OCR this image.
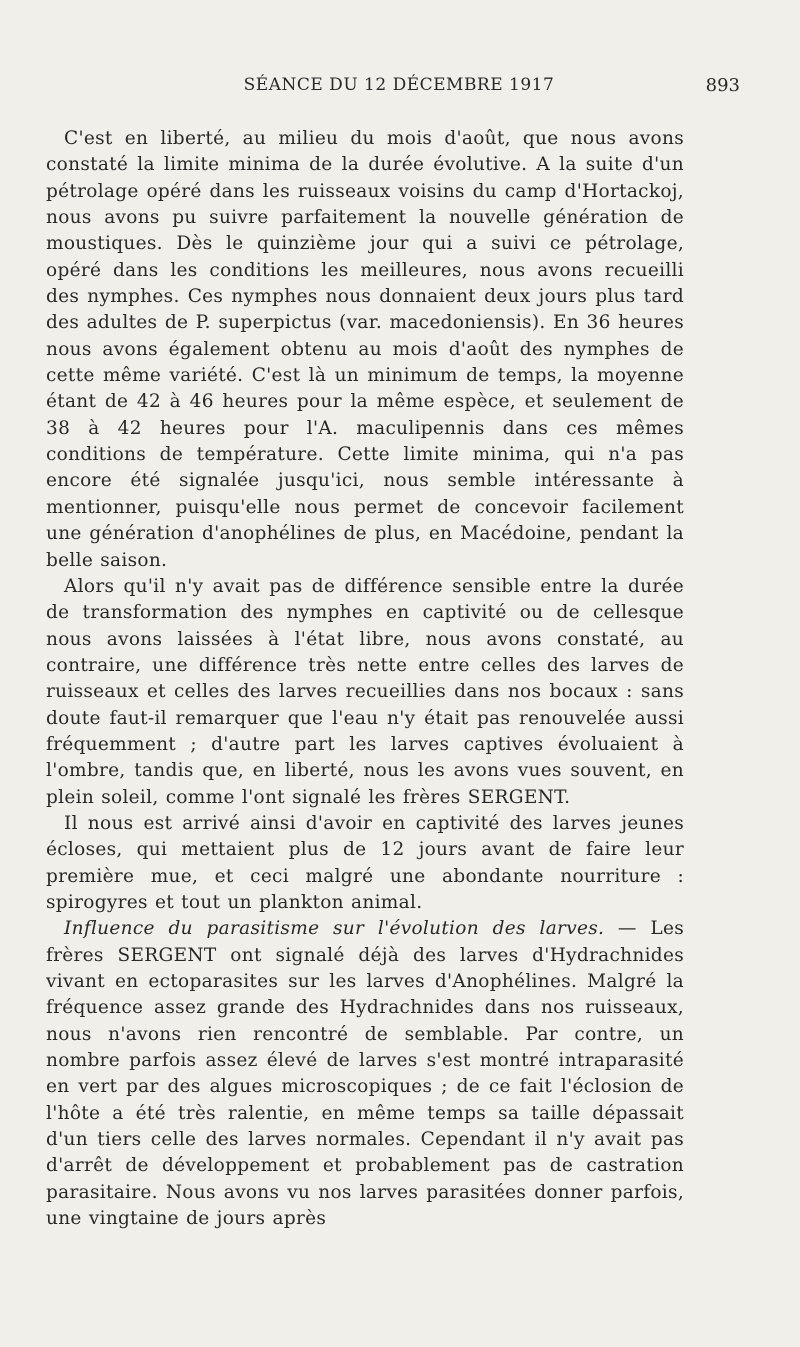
SÉANCE DU 12 DÉCEMBRE 1917	893

C'est en liberté, au milieu du mois d'août, que nous avons constaté la limite minima de la durée évolutive. A la suite d'un pétrolage opéré dans les ruisseaux voisins du camp d'Hortackoj, nous avons pu suivre parfaitement la nouvelle génération de moustiques. Dès le quinzième jour qui a suivi ce pétrolage, opéré dans les conditions les meilleures, nous avons recueilli des nymphes. Ces nymphes nous donnaient deux jours plus tard des adultes de P. superpictus (var. macedoniensis). En 36 heures nous avons également obtenu au mois d'août des nymphes de cette même variété. C'est là un minimum de temps, la moyenne étant de 42 à 46 heures pour la même espèce, et seulement de 38 à 42 heures pour l'A. maculipennis dans ces mêmes conditions de température. Cette limite minima, qui n'a pas encore été signalée jusqu'ici, nous semble intéressante à mentionner, puisqu'elle nous permet de concevoir facilement une génération d'anophélines de plus, en Macédoine, pendant la belle saison.

Alors qu'il n'y avait pas de différence sensible entre la durée de transformation des nymphes en captivité ou de cellesque nous avons laissées à l'état libre, nous avons constaté, au contraire, une différence très nette entre celles des larves de ruisseaux et celles des larves recueillies dans nos bocaux : sans doute faut-il remarquer que l'eau n'y était pas renouvelée aussi fréquemment ; d'autre part les larves captives évoluaient à l'ombre, tandis que, en liberté, nous les avons vues souvent, en plein soleil, comme l'ont signalé les frères SERGENT.

Il nous est arrivé ainsi d'avoir en captivité des larves jeunes écloses, qui mettaient plus de 12 jours avant de faire leur première mue, et ceci malgré une abondante nourriture : spirogyres et tout un plankton animal.

Influence du parasitisme sur l'évolution des larves. — Les frères SERGENT ont signalé déjà des larves d'Hydrachnides vivant en ectoparasites sur les larves d'Anophélines. Malgré la fréquence assez grande des Hydrachnides dans nos ruisseaux, nous n'avons rien rencontré de semblable. Par contre, un nombre parfois assez élevé de larves s'est montré intraparasité en vert par des algues microscopiques ; de ce fait l'éclosion de l'hôte a été très ralentie, en même temps sa taille dépassait d'un tiers celle des larves normales. Cependant il n'y avait pas d'arrêt de développement et probablement pas de castration parasitaire. Nous avons vu nos larves parasitées donner parfois, une vingtaine de jours après
